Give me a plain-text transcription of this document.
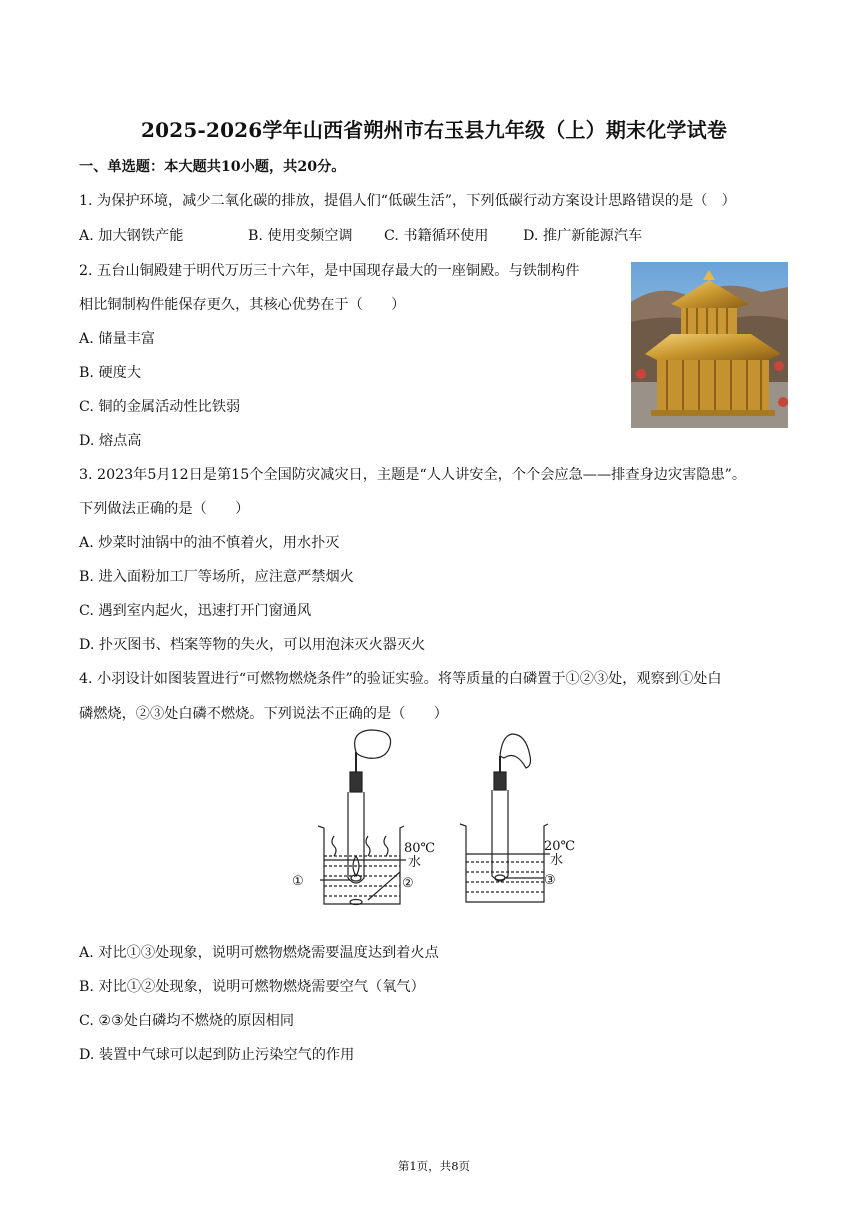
2025-2026学年山西省朔州市右玉县九年级（上）期末化学试卷
一、单选题：本大题共10小题，共20分。
1. 为保护环境，减少二氧化碳的排放，提倡人们“低碳生活”，下列低碳行动方案设计思路错误的是（　）
A. 加大钢铁产能	B. 使用变频空调 C. 书籍循环使用 D. 推广新能源汽车
2. 五台山铜殿建于明代万历三十六年，是中国现存最大的一座铜殿。与铁制构件
相比铜制构件能保存更久，其核心优势在于（　　）
A. 储量丰富
B. 硬度大
C. 铜的金属活动性比铁弱
D. 熔点高
3. 2023年5月12日是第15个全国防灾减灾日，主题是“人人讲安全，个个会应急——排查身边灾害隐患”。
下列做法正确的是（　　）
A. 炒菜时油锅中的油不慎着火，用水扑灭
B. 进入面粉加工厂等场所，应注意严禁烟火
C. 遇到室内起火，迅速打开门窗通风
D. 扑灭图书、档案等物的失火，可以用泡沫灭火器灭火
4. 小羽设计如图装置进行“可燃物燃烧条件”的验证实验。将等质量的白磷置于①②③处，观察到①处白
磷燃烧，②③处白磷不燃烧。下列说法不正确的是（　　）
80℃
水
①	②
20℃
水
③
A. 对比①③处现象，说明可燃物燃烧需要温度达到着火点
B. 对比①②处现象，说明可燃物燃烧需要空气（氧气）
C. ②③处白磷均不燃烧的原因相同
D. 装置中气球可以起到防止污染空气的作用
第1页，共8页
